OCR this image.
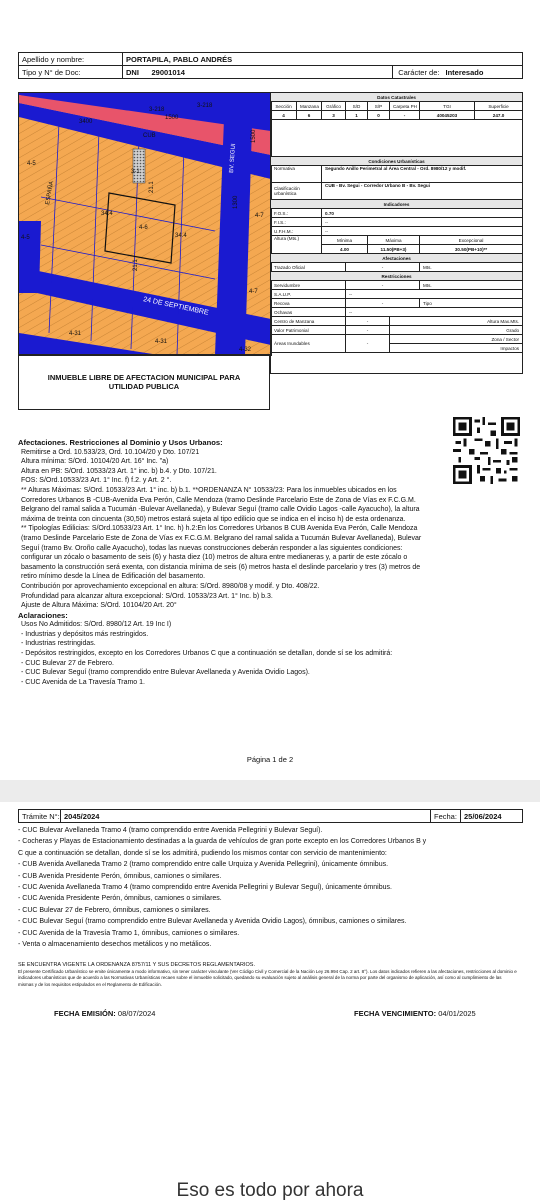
Apellido y nombre:	PORTAPILA, PABLO ANDRÉS			
Tipo y N° de Doc:	DNI	29001014	Carácter de:	Interesado
3-218
3-218
CUB
4-5
4-5
3-1
4-6
4-7
4-7
4-31
4-31
4-32
ESPAÑA
BV. SEGUI
24 DE SEPTIEMBRE
34.4
34.4
21.1
21.1
1500
1500
1300
3400
INMUEBLE LIBRE DE AFECTACION MUNICIPAL PARA UTILIDAD PUBLICA
Datos Catastrales							
Sección	Manzana	Gráfico	S/D	S/P	Carpeta PH	TGI	Superficie
4	6	3	1	0	-	40045203	247.0

Condiciones Urbanísticas							
Normativa		Segundo Anillo Perimetral al Área Central - Ord. 8980/12 y modif.					
Clasificación urbanística		CUB - Bv. Segui - Corredor Urbano B - Bv. Segui					
Indicadores							
F.O.S.:		0.70					
F.I.S.:		--					
U.F.H.M.:		--					
Altura (Mts.)		Mínima		Máxima		Excepcional	
		4.00		11.50(PB+3)		30.50(PB+10)**	
Afectaciones							
Trazado Oficial			-			Mts.	
Restricciones							
Servidumbre			-			Mts.	
S.A.U.P.			--				
Recova			-			Tipo	
Ochavas			--				
Centro de Manzana			-		Altura Max.Mts.		
Valor Patrimonial			-		Grado		
Áreas Inundables			-		Zona / Sector		
					Impactos		

Afectaciones. Restricciones al Dominio y Usos Urbanos:
Remitirse a Ord. 10.533/23, Ord. 10.104/20 y Dto. 107/21
Altura mínima: S/Ord. 10104/20 Art. 16° Inc. "a)
Altura en PB: S/Ord. 10533/23 Art. 1° inc. b) b.4. y Dto. 107/21.
FOS: S/Ord.10533/23 Art. 1° Inc. f) f.2. y Art. 2 °.
** Alturas Máximas: S/Ord. 10533/23 Art. 1° inc. b) b.1. **ORDENANZA N° 10533/23: Para los inmuebles ubicados en los
Corredores Urbanos B -CUB-Avenida Eva Perón, Calle Mendoza (tramo Deslinde Parcelario Este de Zona de Vías ex F.C.G.M.
Belgrano del ramal salida a Tucumán -Bulevar Avellaneda), y Bulevar Seguí (tramo calle Ovidio Lagos -calle Ayacucho), la altura
máxima de treinta con cincuenta (30,50) metros estará sujeta al tipo edilicio que se indica en el inciso h) de esta ordenanza.
** Tipologías Edilicias: S/Ord.10533/23 Art. 1° Inc. h) h.2:En los Corredores Urbanos B CUB Avenida Eva Perón, Calle Mendoza
(tramo Deslinde Parcelario Este de Zona de Vías ex F.C.G.M. Belgrano del ramal salida a Tucumán Bulevar Avellaneda), Bulevar
Seguí (tramo Bv. Oroño calle Ayacucho), todas las nuevas construcciones deberán responder a las siguientes condiciones:
configurar un zócalo o basamento de seis (6) y hasta diez (10) metros de altura entre medianeras y, a partir de este zócalo o
basamento la construcción será exenta, con distancia mínima de seis (6) metros hasta el deslinde parcelario y tres (3) metros de
retiro mínimo desde la Línea de Edificación del basamento.
Contribución por aprovechamiento excepcional en altura: S/Ord. 8980/08 y modif. y Dto. 408/22.
Profundidad para alcanzar altura excepcional: S/Ord. 10533/23 Art. 1° Inc. b) b.3.
Ajuste de Altura Máxima: S/Ord. 10104/20 Art. 20°
Aclaraciones:
Usos No Admitidos: S/Ord. 8980/12 Art. 19 Inc I)
- Industrias y depósitos más restringidos.
- Industrias restringidas.
- Depósitos restringidos, excepto en los Corredores Urbanos C que a continuación se detallan, donde sí se los admitirá:
- CUC Bulevar 27 de Febrero.
- CUC Bulevar Seguí (tramo comprendido entre Bulevar Avellaneda y Avenida Ovidio Lagos).
- CUC Avenida de La Travesía Tramo 1.
Página 1 de 2
Trámite N°:	2045/2024	Fecha:	25/06/2024
- CUC Bulevar Avellaneda Tramo 4 (tramo comprendido entre Avenida Pellegrini y Bulevar Seguí).
- Cocheras y Playas de Estacionamiento destinadas a la guarda de vehículos de gran porte excepto en los Corredores Urbanos B y
C que a continuación se detallan, donde sí se los admitirá, pudiendo los mismos contar con servicio de mantenimiento:
- CUB Avenida Avellaneda Tramo 2 (tramo comprendido entre calle Urquiza y Avenida Pellegrini), únicamente ómnibus.
- CUB Avenida Presidente Perón, ómnibus, camiones o similares.
- CUC Avenida Avellaneda Tramo 4 (tramo comprendido entre Avenida Pellegrini y Bulevar Seguí), únicamente ómnibus.
- CUC Avenida Presidente Perón, ómnibus, camiones o similares.
- CUC Bulevar 27 de Febrero, ómnibus, camiones o similares.
- CUC Bulevar Seguí (tramo comprendido entre Bulevar Avellaneda y Avenida Ovidio Lagos), ómnibus, camiones o similares.
- CUC Avenida de la Travesía Tramo 1, ómnibus, camiones o similares.
- Venta o almacenamiento desechos metálicos y no metálicos.
SE ENCUENTRA VIGENTE LA ORDENANZA 8757/11 Y SUS DECRETOS REGLAMENTARIOS.
El presente Certificado Urbanístico se emite únicamente a modo informativo, sin tener carácter vinculante (Ver Código Civil y Comercial de la Nación Ley 26.994 Cap. 2 art. 8°). Los datos indicados refieren a las afectaciones, restricciones al dominio e indicadores urbanísticos que de acuerdo a las Normativas Urbanísticas recaen sobre el inmueble solicitado, quedando su evaluación sujeto al análisis general de la norma por parte del organismo de aplicación, así como al cumplimiento de las mismas y de los requisitos estipulados en el Reglamento de Edificación.
FECHA EMISIÓN: 08/07/2024	FECHA VENCIMIENTO: 04/01/2025
Eso es todo por ahora
